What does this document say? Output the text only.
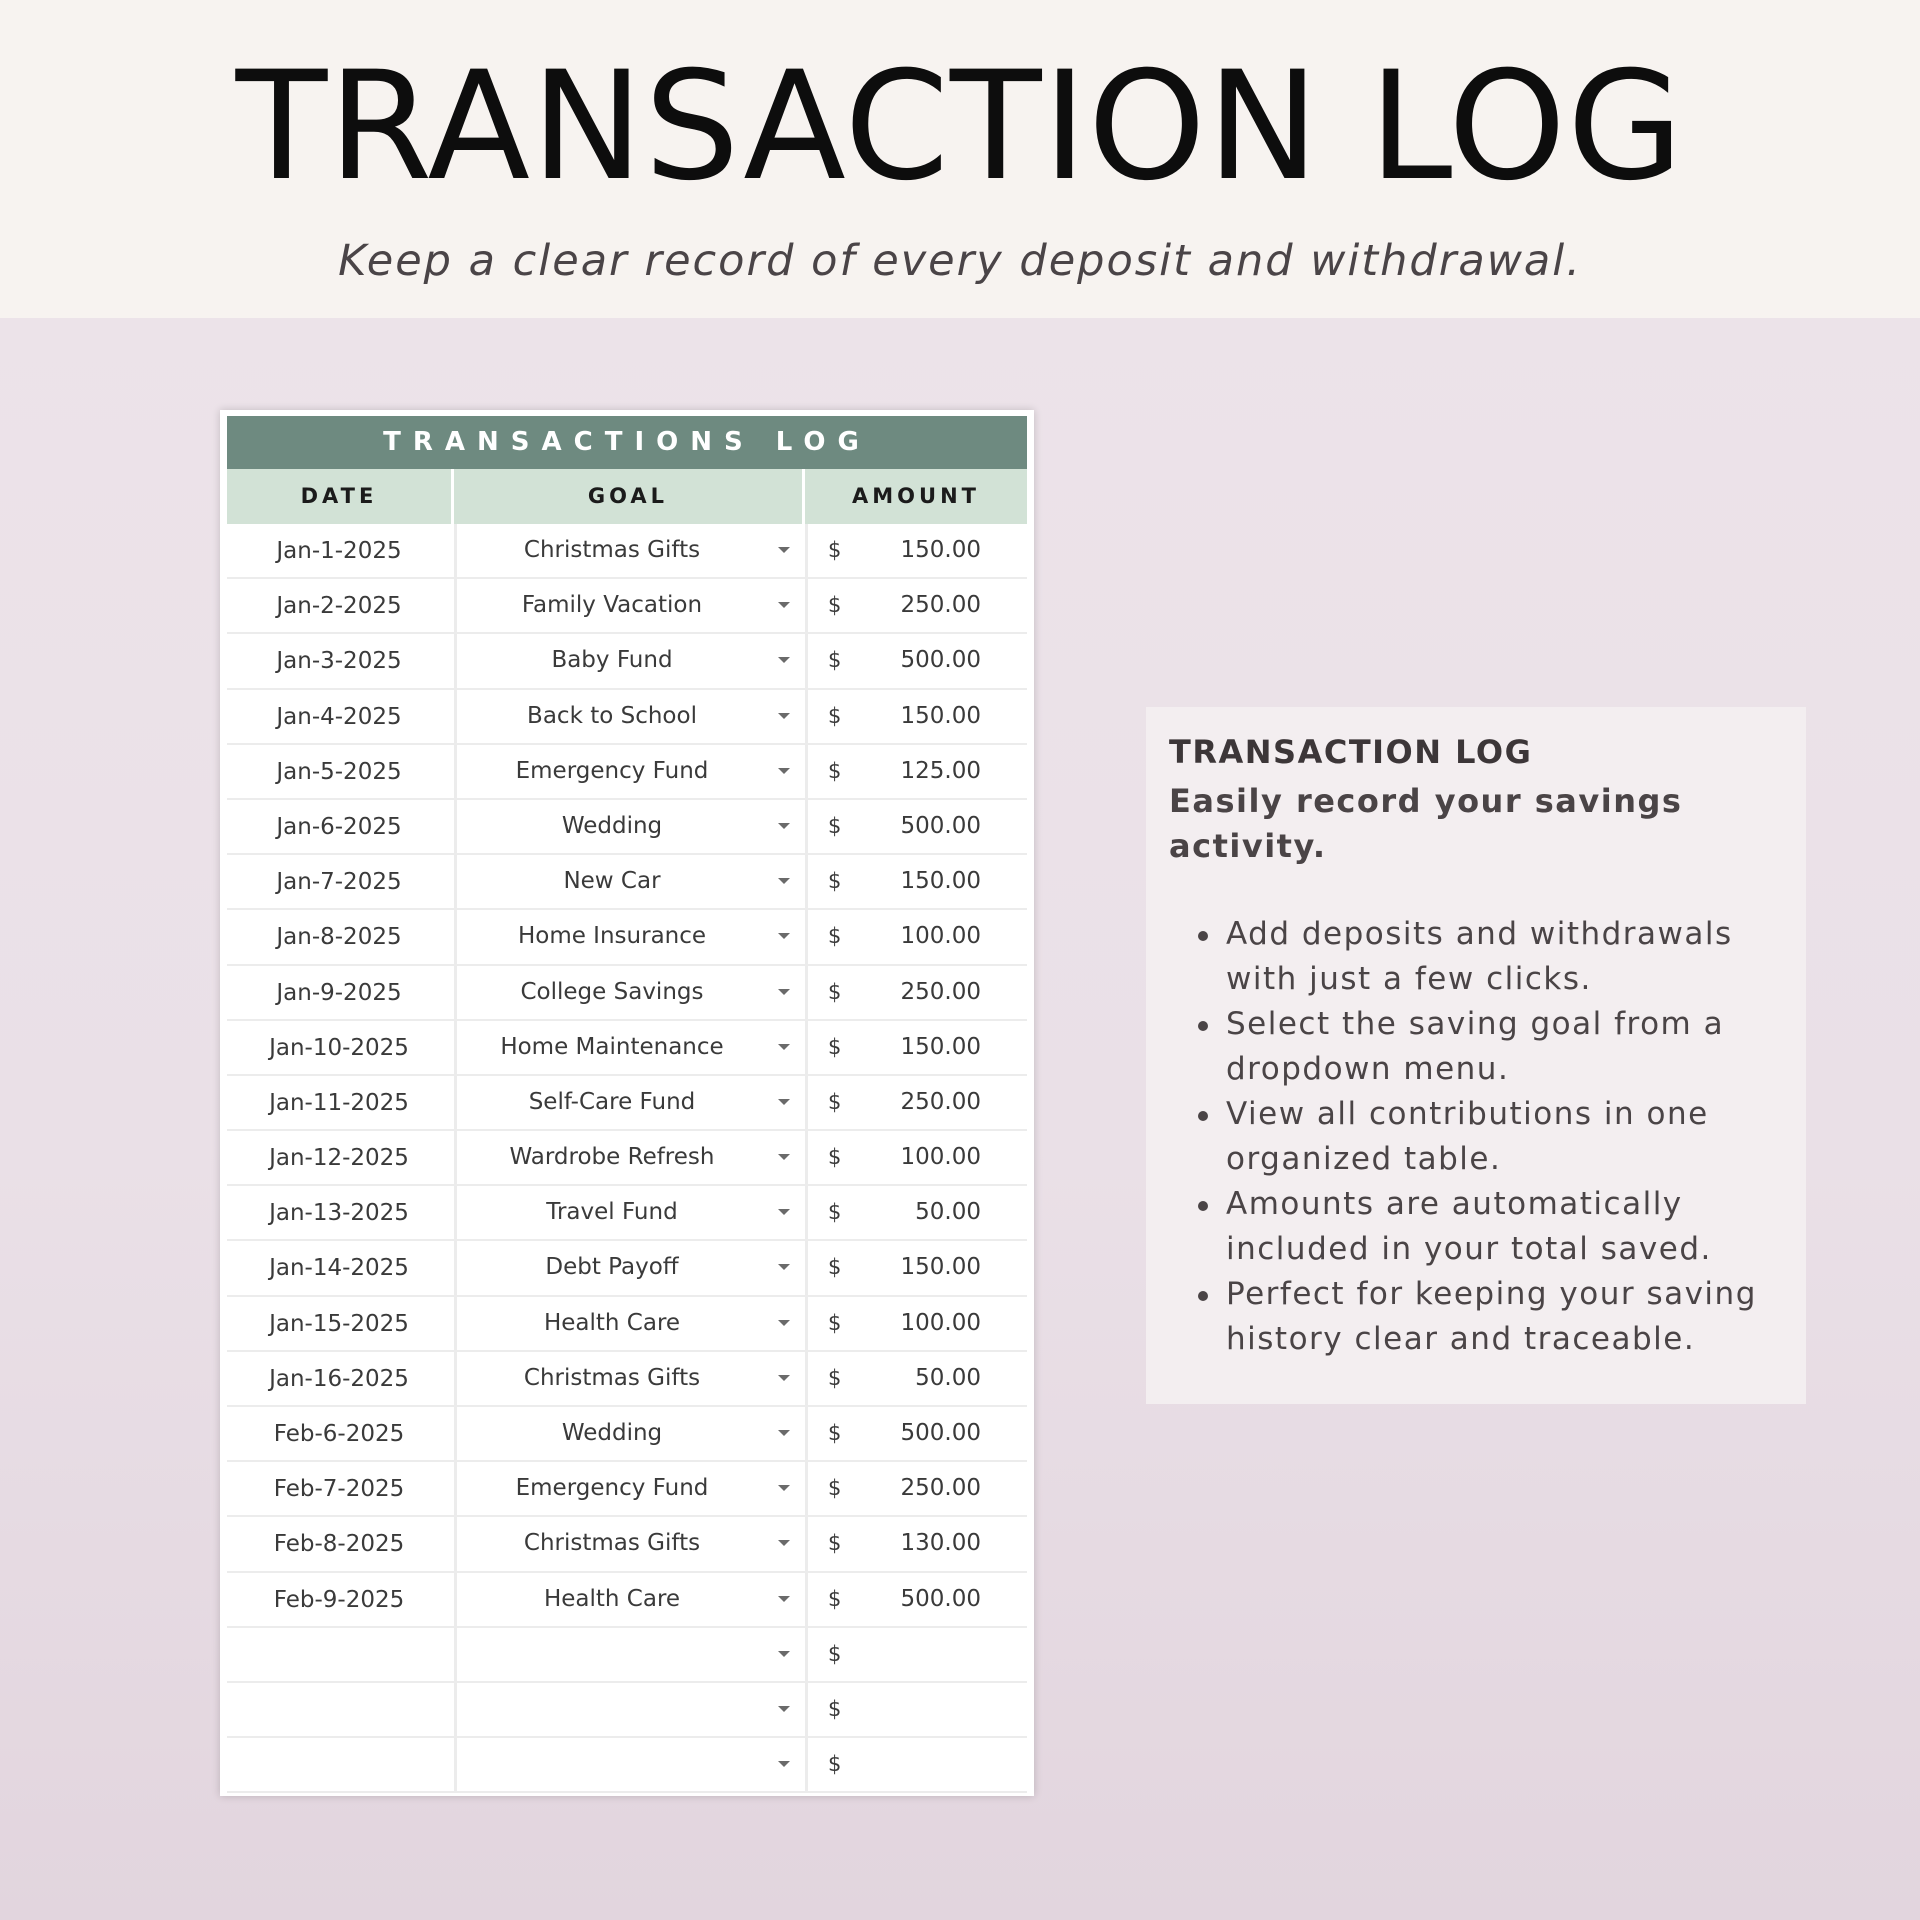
TRANSACTION LOG
Keep a clear record of every deposit and withdrawal.
TRANSACTIONS LOG
DATE	GOAL	AMOUNT
Jan-1-2025	Christmas Gifts	$	150.00
Jan-2-2025	Family Vacation	$	250.00
Jan-3-2025	Baby Fund	$	500.00
Jan-4-2025	Back to School	$	150.00
Jan-5-2025	Emergency Fund	$	125.00
Jan-6-2025	Wedding	$	500.00
Jan-7-2025	New Car	$	150.00
Jan-8-2025	Home Insurance	$	100.00
Jan-9-2025	College Savings	$	250.00
Jan-10-2025	Home Maintenance	$	150.00
Jan-11-2025	Self-Care Fund	$	250.00
Jan-12-2025	Wardrobe Refresh	$	100.00
Jan-13-2025	Travel Fund	$	50.00
Jan-14-2025	Debt Payoff	$	150.00
Jan-15-2025	Health Care	$	100.00
Jan-16-2025	Christmas Gifts	$	50.00
Feb-6-2025	Wedding	$	500.00
Feb-7-2025	Emergency Fund	$	250.00
Feb-8-2025	Christmas Gifts	$	130.00
Feb-9-2025	Health Care	$	500.00
$
$
$
TRANSACTION LOG
Easily record your savings activity.
Add deposits and withdrawals with just a few clicks.
Select the saving goal from a dropdown menu.
View all contributions in one organized table.
Amounts are automatically included in your total saved.
Perfect for keeping your saving history clear and traceable.
